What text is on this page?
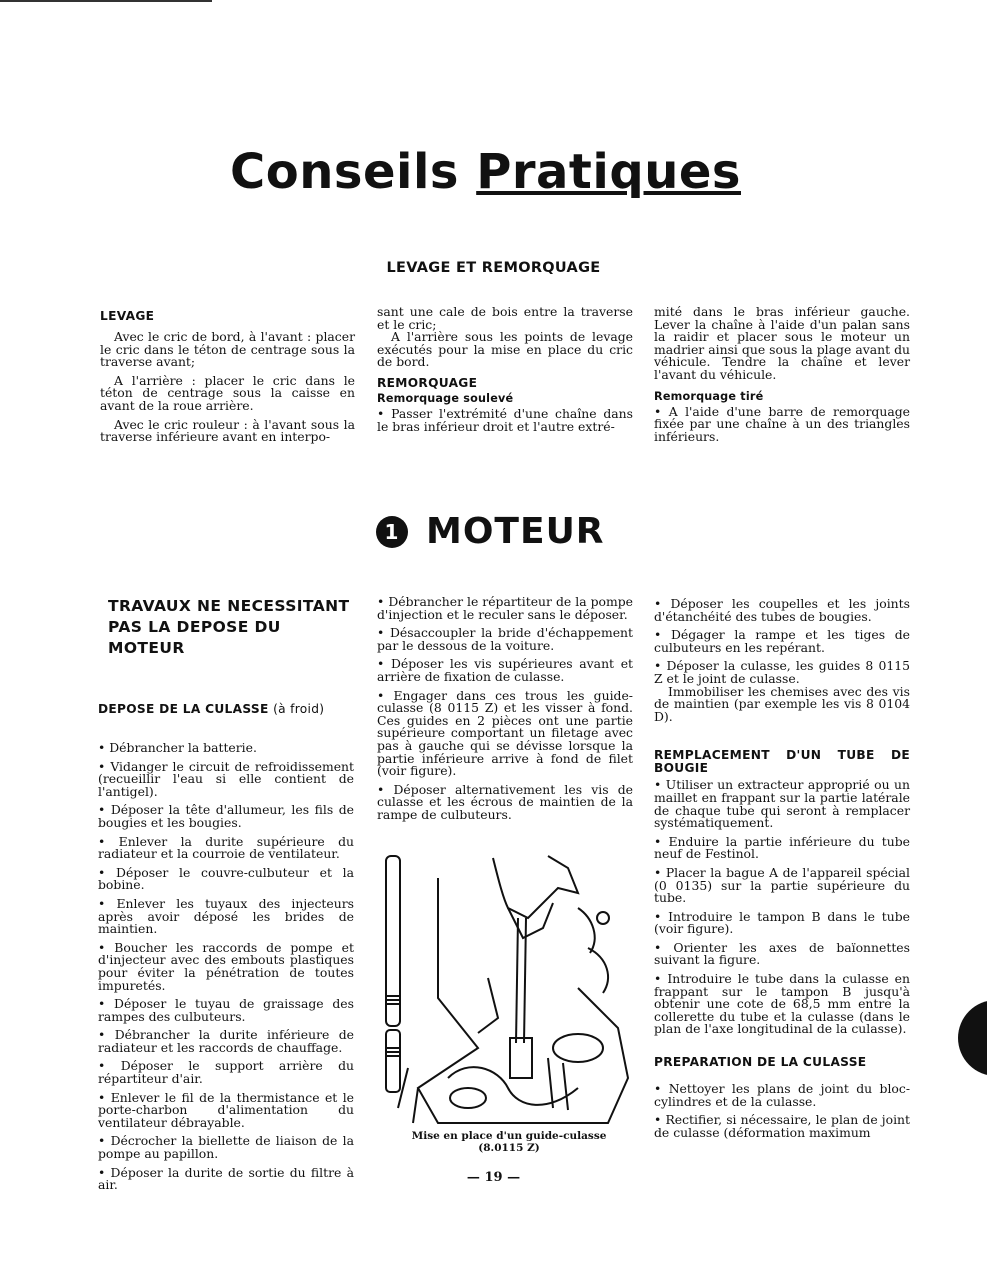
Conseils Pratiques
LEVAGE ET REMORQUAGE
LEVAGE

Avec le cric de bord, à l'avant : placer le cric dans le téton de centrage sous la traverse avant;

A l'arrière : placer le cric dans le téton de centrage sous la caisse en avant de la roue arrière.

Avec le cric rouleur : à l'avant sous la traverse inférieure avant en interpo-

sant une cale de bois entre la traverse et le cric;

A l'arrière sous les points de levage exécutés pour la mise en place du cric de bord.

REMORQUAGE
Remorquage soulevé

• Passer l'extrémité d'une chaîne dans le bras inférieur droit et l'autre extré-

mité dans le bras inférieur gauche. Lever la chaîne à l'aide d'un palan sans la raidir et placer sous le moteur un madrier ainsi que sous la plage avant du véhicule. Tendre la chaîne et lever l'avant du véhicule.

Remorquage tiré

• A l'aide d'une barre de remorquage fixée par une chaîne à un des triangles inférieurs.

1 MOTEUR
TRAVAUX NE NECESSITANT PAS LA DEPOSE DU MOTEUR
DEPOSE DE LA CULASSE (à froid)

• Débrancher la batterie.

• Vidanger le circuit de refroidissement (recueillir l'eau si elle contient de l'antigel).

• Déposer la tête d'allumeur, les fils de bougies et les bougies.

• Enlever la durite supérieure du radiateur et la courroie de ventilateur.

• Déposer le couvre-culbuteur et la bobine.

• Enlever les tuyaux des injecteurs après avoir déposé les brides de maintien.

• Boucher les raccords de pompe et d'injecteur avec des embouts plastiques pour éviter la pénétration de toutes impuretés.

• Déposer le tuyau de graissage des rampes des culbuteurs.

• Débrancher la durite inférieure de radiateur et les raccords de chauffage.

• Déposer le support arrière du répartiteur d'air.

• Enlever le fil de la thermistance et le porte-charbon d'alimentation du ventilateur débrayable.

• Décrocher la biellette de liaison de la pompe au papillon.

• Déposer la durite de sortie du filtre à air.

• Débrancher le répartiteur de la pompe d'injection et le reculer sans le déposer.

• Désaccoupler la bride d'échappement par le dessous de la voiture.

• Déposer les vis supérieures avant et arrière de fixation de culasse.

• Engager dans ces trous les guide-culasse (8 0115 Z) et les visser à fond. Ces guides en 2 pièces ont une partie supérieure comportant un filetage avec pas à gauche qui se dévisse lorsque la partie inférieure arrive à fond de filet (voir figure).

• Déposer alternativement les vis de culasse et les écrous de maintien de la rampe de culbuteurs.

Mise en place d'un guide-culasse
(8.0115 Z)

• Déposer les coupelles et les joints d'étanchéité des tubes de bougies.

• Dégager la rampe et les tiges de culbuteurs en les repérant.

• Déposer la culasse, les guides 8 0115 Z et le joint de culasse.

Immobiliser les chemises avec des vis de maintien (par exemple les vis 8 0104 D).

REMPLACEMENT D'UN TUBE DE BOUGIE

• Utiliser un extracteur approprié ou un maillet en frappant sur la partie latérale de chaque tube qui seront à remplacer systématiquement.

• Enduire la partie inférieure du tube neuf de Festinol.

• Placer la bague A de l'appareil spécial (0 0135) sur la partie supérieure du tube.

• Introduire le tampon B dans le tube (voir figure).

• Orienter les axes de baïonnettes suivant la figure.

• Introduire le tube dans la culasse en frappant sur le tampon B jusqu'à obtenir une cote de 68,5 mm entre la collerette du tube et la culasse (dans le plan de l'axe longitudinal de la culasse).

PREPARATION DE LA CULASSE

• Nettoyer les plans de joint du bloc-cylindres et de la culasse.

• Rectifier, si nécessaire, le plan de joint de culasse (déformation maximum

— 19 —
